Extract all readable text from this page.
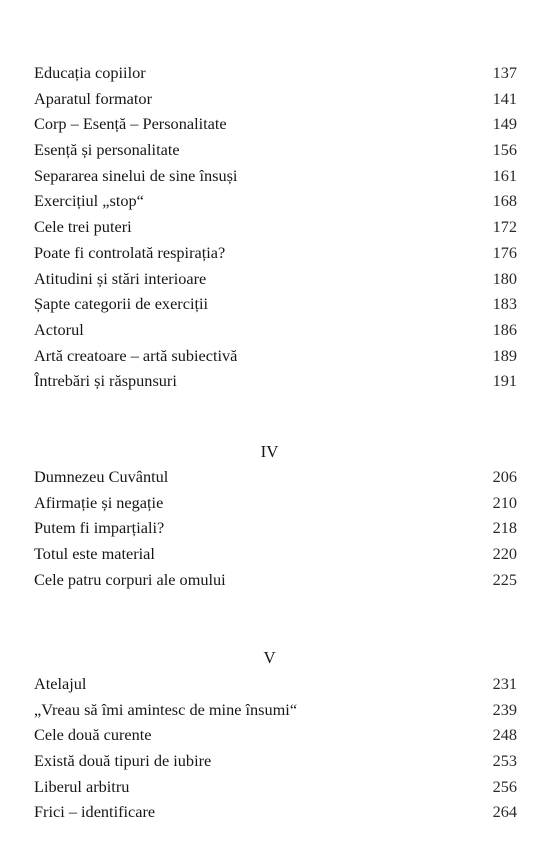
Educația copiilor	137
Aparatul formator	141
Corp – Esență – Personalitate	149
Esență și personalitate	156
Separarea sinelui de sine însuși	161
Exercițiul „stop“	168
Cele trei puteri	172
Poate fi controlată respirația?	176
Atitudini și stări interioare	180
Șapte categorii de exerciții	183
Actorul	186
Artă creatoare – artă subiectivă	189
Întrebări și răspunsuri	191
IV
Dumnezeu Cuvântul	206
Afirmație și negație	210
Putem fi imparțiali?	218
Totul este material	220
Cele patru corpuri ale omului	225
V
Atelajul	231
„Vreau să îmi amintesc de mine însumi“	239
Cele două curente	248
Există două tipuri de iubire	253
Liberul arbitru	256
Frici – identificare	264
